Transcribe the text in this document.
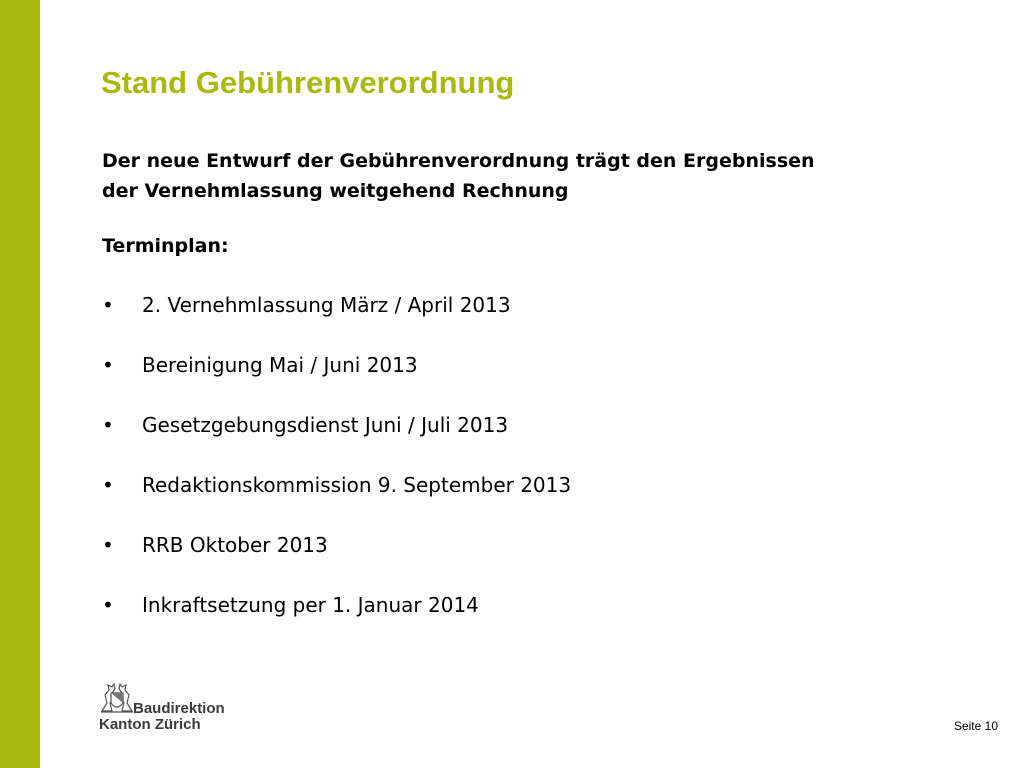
Stand Gebührenverordnung

Der neue Entwurf der Gebührenverordnung trägt den Ergebnissen
der Vernehmlassung weitgehend Rechnung

Terminplan:

• 2. Vernehmlassung März / April 2013
• Bereinigung Mai / Juni 2013
• Gesetzgebungsdienst Juni / Juli 2013
• Redaktionskommission 9. September 2013
• RRB Oktober 2013
• Inkraftsetzung per 1. Januar 2014
Baudirektion
Kanton Zürich	Seite 10
